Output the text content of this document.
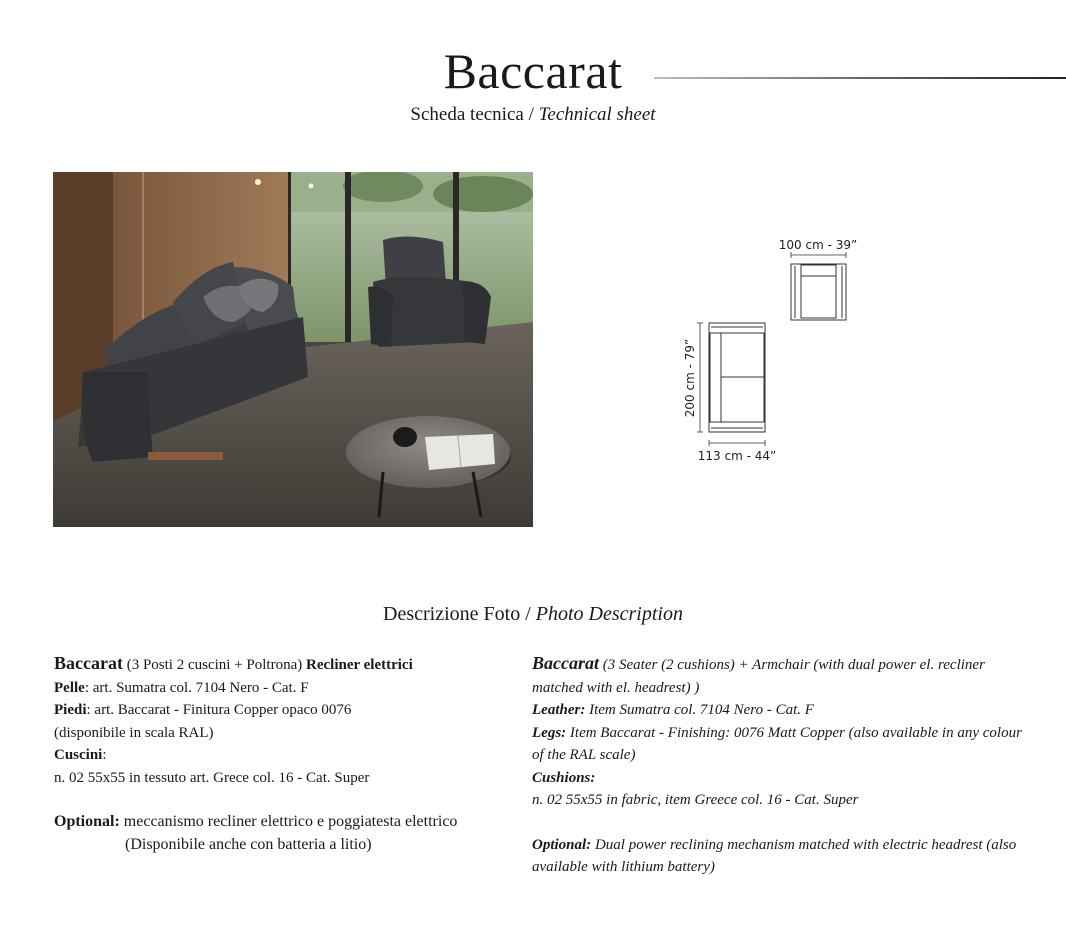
Baccarat
Scheda tecnica / Technical sheet
100 cm - 39”
200 cm - 79”
113 cm - 44”
Descrizione Foto / Photo Description

Baccarat (3 Posti 2 cuscini + Poltrona) Recliner elettrici

Pelle: art. Sumatra col. 7104 Nero - Cat. F

Piedi: art. Baccarat - Finitura Copper opaco 0076

(disponibile in scala RAL)

Cuscini:

n. 02 55x55 in tessuto art. Grece col. 16 - Cat. Super

Optional: meccanismo recliner elettrico e poggiatesta elettrico

(Disponibile anche con batteria a litio)

Baccarat (3 Seater (2 cushions) + Armchair (with dual power el. recliner matched with el. headrest) )

Leather: Item Sumatra col. 7104 Nero - Cat. F

Legs: Item Baccarat - Finishing: 0076 Matt Copper (also available in any colour of the RAL scale)

Cushions:

n. 02 55x55 in fabric, item Greece col. 16 - Cat. Super

Optional: Dual power reclining mechanism matched with electric headrest (also available with lithium battery)
